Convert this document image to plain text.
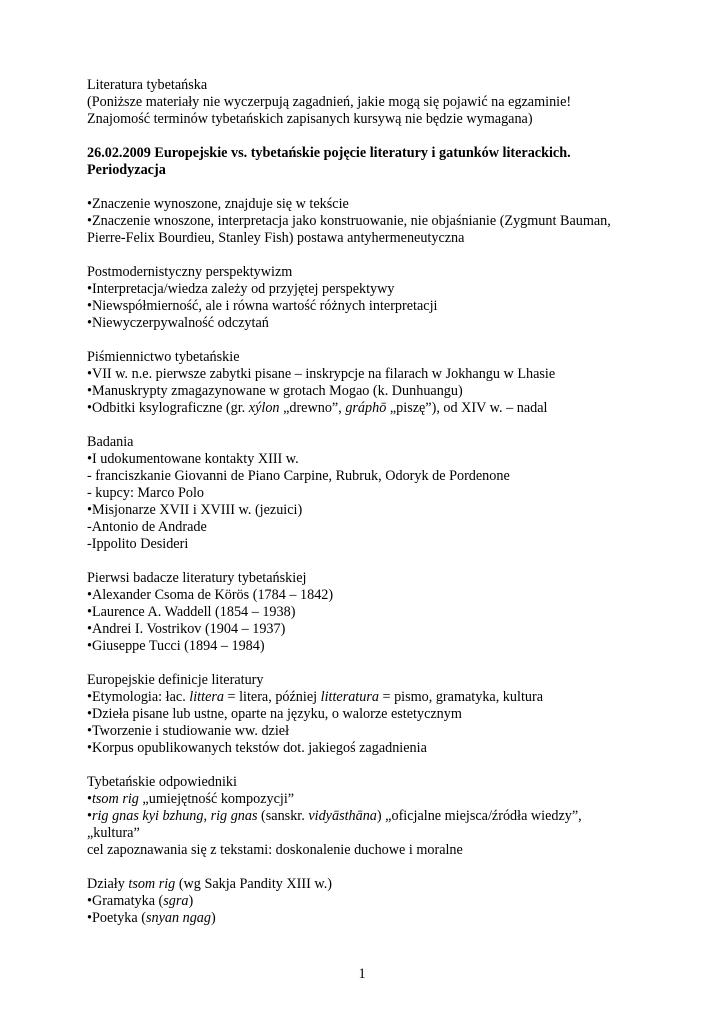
Literatura tybetańska
(Poniższe materiały nie wyczerpują zagadnień, jakie mogą się pojawić na egzaminie!
Znajomość terminów tybetańskich zapisanych kursywą nie będzie wymagana)
26.02.2009 Europejskie vs. tybetańskie pojęcie literatury i gatunków literackich.
Periodyzacja
•Znaczenie wynoszone, znajduje się w tekście
•Znaczenie wnoszone, interpretacja jako konstruowanie, nie objaśnianie (Zygmunt Bauman,
Pierre-Felix Bourdieu, Stanley Fish) postawa antyhermeneutyczna
Postmodernistyczny perspektywizm
•Interpretacja/wiedza zależy od przyjętej perspektywy
•Niewspółmierność, ale i równa wartość różnych interpretacji
•Niewyczerpywalność odczytań
Piśmiennictwo tybetańskie
•VII w. n.e. pierwsze zabytki pisane – inskrypcje na filarach w Jokhangu w Lhasie
•Manuskrypty zmagazynowane w grotach Mogao (k. Dunhuangu)
•Odbitki ksylograficzne (gr. xýlon „drewno”, gráphō „piszę”), od XIV w. – nadal
Badania
•I udokumentowane kontakty XIII w.
- franciszkanie Giovanni de Piano Carpine, Rubruk, Odoryk de Pordenone
- kupcy: Marco Polo
•Misjonarze XVII i XVIII w. (jezuici)
-Antonio de Andrade
-Ippolito Desideri
Pierwsi badacze literatury tybetańskiej
•Alexander Csoma de Körös (1784 – 1842)
•Laurence A. Waddell (1854 – 1938)
•Andrei I. Vostrikov (1904 – 1937)
•Giuseppe Tucci (1894 – 1984)
Europejskie definicje literatury
•Etymologia: łac. littera = litera, później litteratura = pismo, gramatyka, kultura
•Dzieła pisane lub ustne, oparte na języku, o walorze estetycznym
•Tworzenie i studiowanie ww. dzieł
•Korpus opublikowanych tekstów dot. jakiegoś zagadnienia
Tybetańskie odpowiedniki
•tsom rig „umiejętność kompozycji”
•rig gnas kyi bzhung, rig gnas (sanskr. vidyāsthāna) „oficjalne miejsca/źródła wiedzy”,
„kultura”
cel zapoznawania się z tekstami: doskonalenie duchowe i moralne
Działy tsom rig (wg Sakja Pandity XIII w.)
•Gramatyka (sgra)
•Poetyka (snyan ngag)
1
